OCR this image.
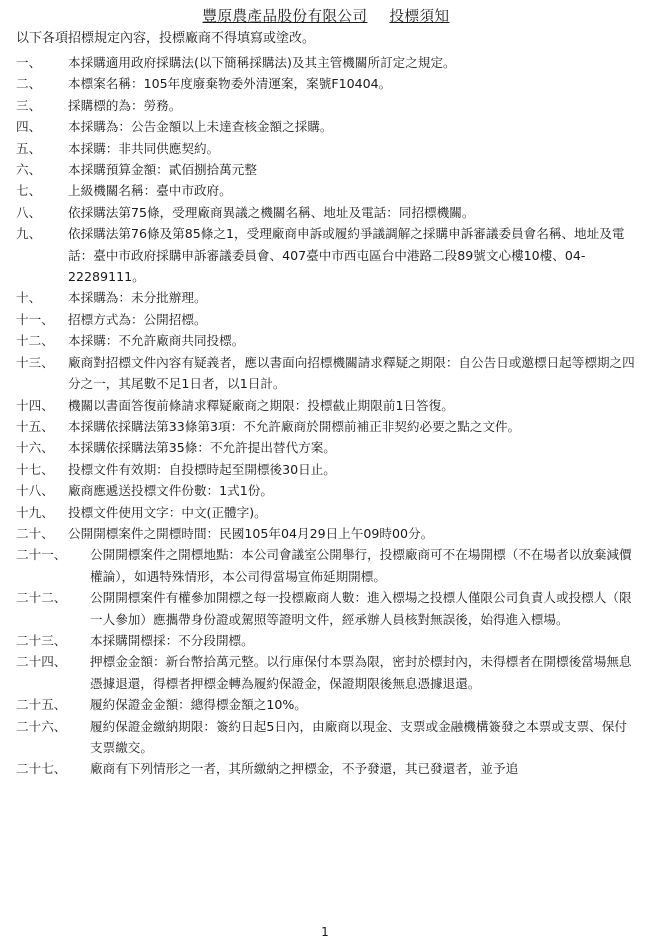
豐原農產品股份有限公司 投標須知
以下各項招標規定內容，投標廠商不得填寫或塗改。
一、	本採購適用政府採購法(以下簡稱採購法)及其主管機關所訂定之規定。
二、	本標案名稱：105年度廢棄物委外清運案，案號F10404。
三、	採購標的為：勞務。
四、	本採購為：公告金額以上未達查核金額之採購。
五、	本採購：非共同供應契約。
六、	本採購預算金額：貳佰捌拾萬元整
七、	上級機關名稱：臺中市政府。
八、	依採購法第75條，受理廠商異議之機關名稱、地址及電話：同招標機關。
九、	依採購法第76條及第85條之1，受理廠商申訴或履約爭議調解之採購申訴審議委員會名稱、地址及電話：臺中市政府採購申訴審議委員會、407臺中市西屯區台中港路二段89號文心樓10樓、04-22289111。
十、	本採購為：未分批辦理。
十一、	招標方式為：公開招標。
十二、	本採購：不允許廠商共同投標。
十三、	廠商對招標文件內容有疑義者，應以書面向招標機關請求釋疑之期限：自公告日或邀標日起等標期之四分之一，其尾數不足1日者，以1日計。
十四、	機關以書面答復前條請求釋疑廠商之期限：投標截止期限前1日答復。
十五、	本採購依採購法第33條第3項：不允許廠商於開標前補正非契約必要之點之文件。
十六、	本採購依採購法第35條：不允許提出替代方案。
十七、	投標文件有效期：自投標時起至開標後30日止。
十八、	廠商應遞送投標文件份數：1式1份。
十九、	投標文件使用文字：中文(正體字)。
二十、	公開開標案件之開標時間：民國105年04月29日上午09時00分。
二十一、	公開開標案件之開標地點：本公司會議室公開舉行，投標廠商可不在場開標（不在場者以放棄減價權論），如遇特殊情形，本公司得當場宣佈延期開標。
二十二、	公開開標案件有權參加開標之每一投標廠商人數：進入標場之投標人僅限公司負責人或投標人（限一人參加）應攜帶身份證或駕照等證明文件，經承辦人員核對無誤後，始得進入標場。
二十三、	本採購開標採：不分段開標。
二十四、	押標金金額：新台幣拾萬元整。以行庫保付本票為限，密封於標封內，未得標者在開標後當場無息憑據退還，得標者押標金轉為履約保證金，保證期限後無息憑據退還。
二十五、	履約保證金金額：總得標金額之10%。
二十六、	履約保證金繳納期限：簽約日起5日內，由廠商以現金、支票或金融機構簽發之本票或支票、保付支票繳交。
二十七、	廠商有下列情形之一者，其所繳納之押標金，不予發還，其已發還者，並予追
1
